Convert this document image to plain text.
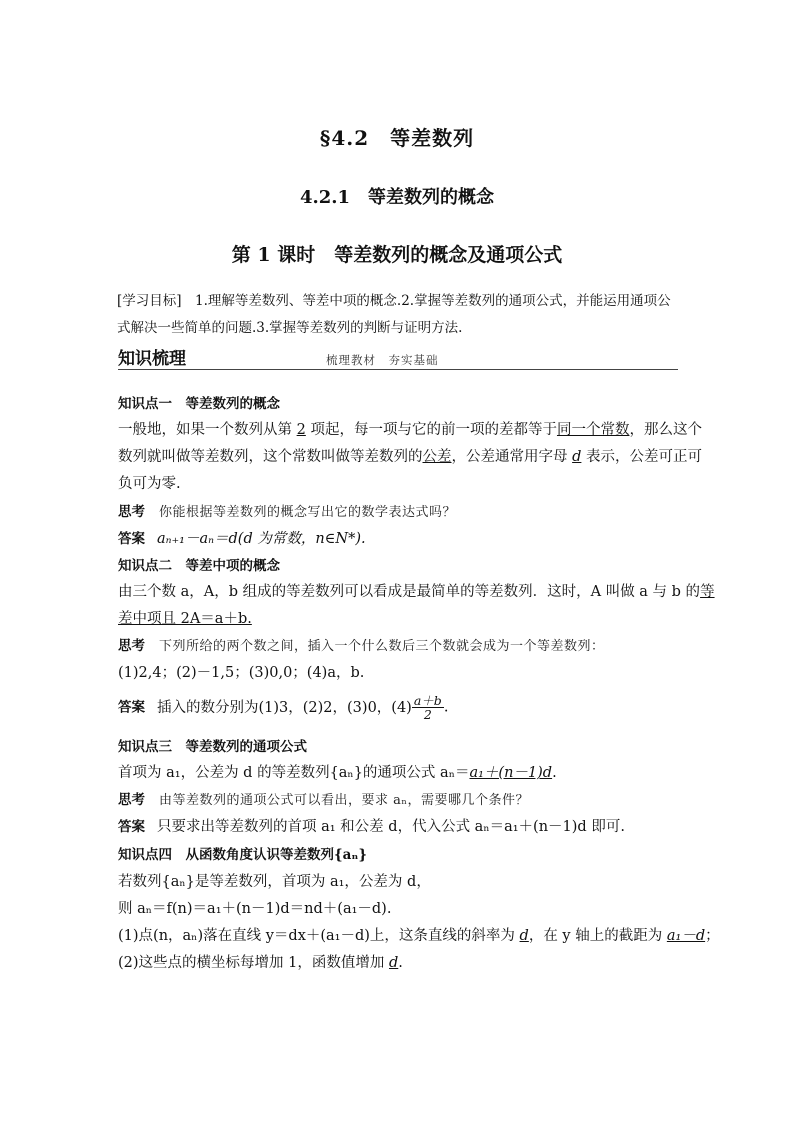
§4.2　等差数列
4.2.1　等差数列的概念
第 1 课时　等差数列的概念及通项公式
[学习目标]　1.理解等差数列、等差中项的概念.2.掌握等差数列的通项公式，并能运用通项公
式解决一些简单的问题.3.掌握等差数列的判断与证明方法.
知识梳理	梳理教材　夯实基础
知识点一　等差数列的概念
一般地，如果一个数列从第 2 项起，每一项与它的前一项的差都等于同一个常数，那么这个
数列就叫做等差数列，这个常数叫做等差数列的公差，公差通常用字母 d 表示，公差可正可
负可为零.
思考 你能根据等差数列的概念写出它的数学表达式吗？
答案 aₙ₊₁－aₙ＝d(d 为常数，n∈N*).
知识点二　等差中项的概念
由三个数 a，A，b 组成的等差数列可以看成是最简单的等差数列．这时，A 叫做 a 与 b 的等
差中项且 2A＝a＋b.
思考 下列所给的两个数之间，插入一个什么数后三个数就会成为一个等差数列：
(1)2,4；(2)－1,5；(3)0,0；(4)a，b.
答案 插入的数分别为(1)3，(2)2，(3)0，$(4) \frac{a+b}{2}$ .
知识点三　等差数列的通项公式
首项为 a₁，公差为 d 的等差数列{aₙ}的通项公式 aₙ＝a₁＋(n－1)d.
思考 由等差数列的通项公式可以看出，要求 aₙ，需要哪几个条件？
答案 只要求出等差数列的首项 a₁ 和公差 d，代入公式 aₙ＝a₁＋(n－1)d 即可.
知识点四　从函数角度认识等差数列{aₙ}
若数列{aₙ}是等差数列，首项为 a₁，公差为 d，
则 aₙ＝f(n)＝a₁＋(n－1)d＝nd＋(a₁－d).
(1)点(n，aₙ)落在直线 y＝dx＋(a₁－d)上，这条直线的斜率为 d，在 y 轴上的截距为 a₁－d；
(2)这些点的横坐标每增加 1，函数值增加 d.
